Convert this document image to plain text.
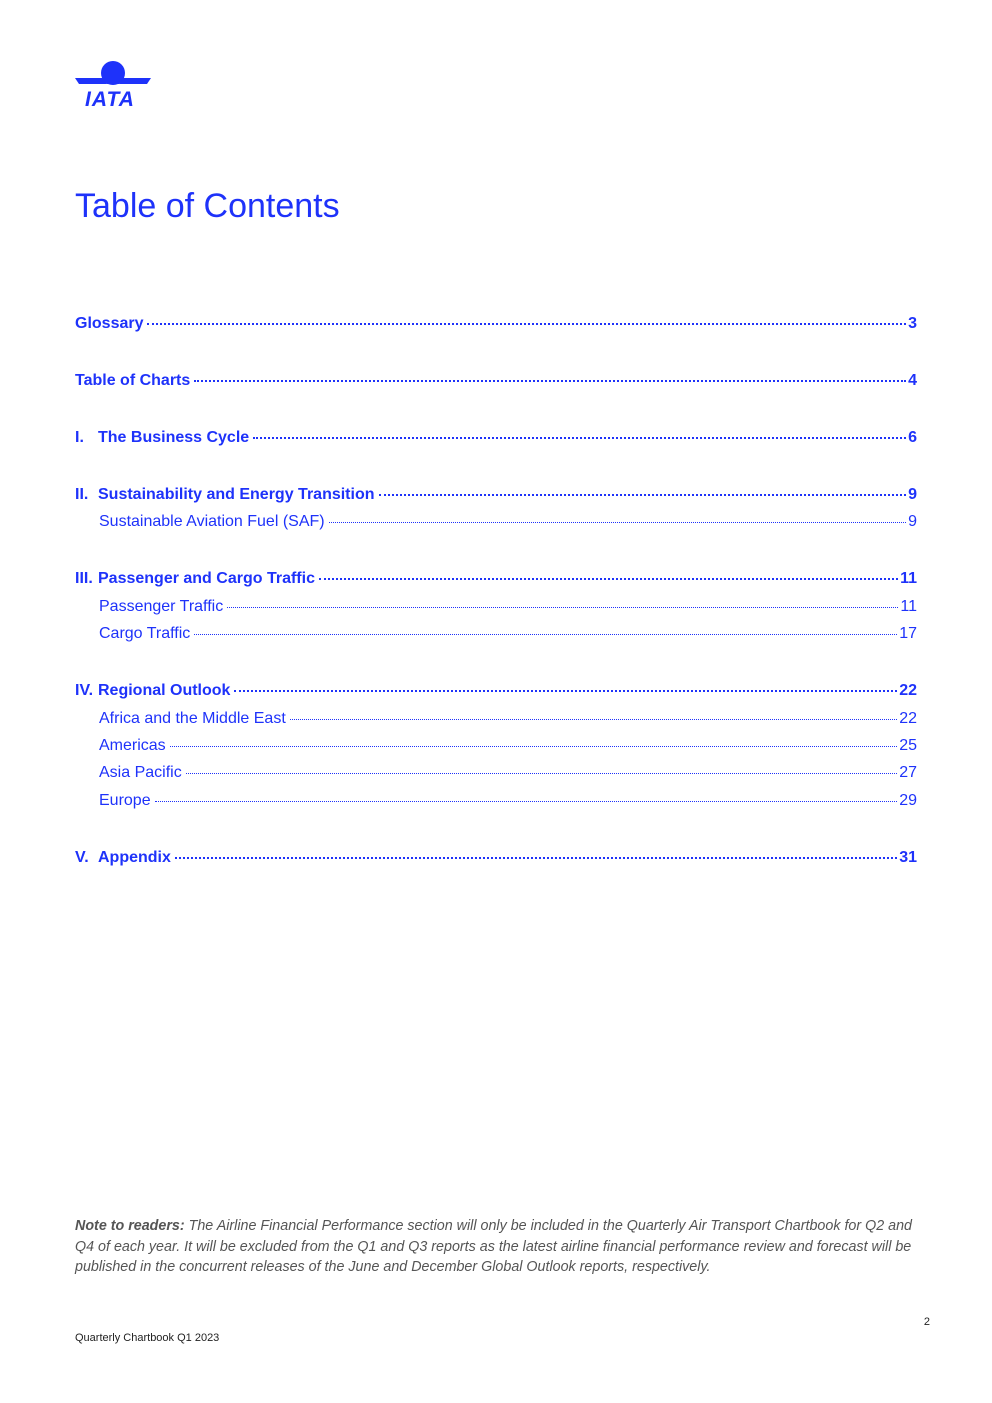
IATA
Table of Contents
Glossary	3
Table of Charts	4
I. The Business Cycle	6
II. Sustainability and Energy Transition	9
Sustainable Aviation Fuel (SAF)	9
III. Passenger and Cargo Traffic	11
Passenger Traffic	11
Cargo Traffic	17
IV. Regional Outlook	22
Africa and the Middle East	22
Americas	25
Asia Pacific	27
Europe	29
V. Appendix	31

Note to readers: The Airline Financial Performance section will only be included in the Quarterly Air Transport Chartbook for Q2 and Q4 of each year. It will be excluded from the Q1 and Q3 reports as the latest airline financial performance review and forecast will be published in the concurrent releases of the June and December Global Outlook reports, respectively.

2
Quarterly Chartbook Q1 2023
